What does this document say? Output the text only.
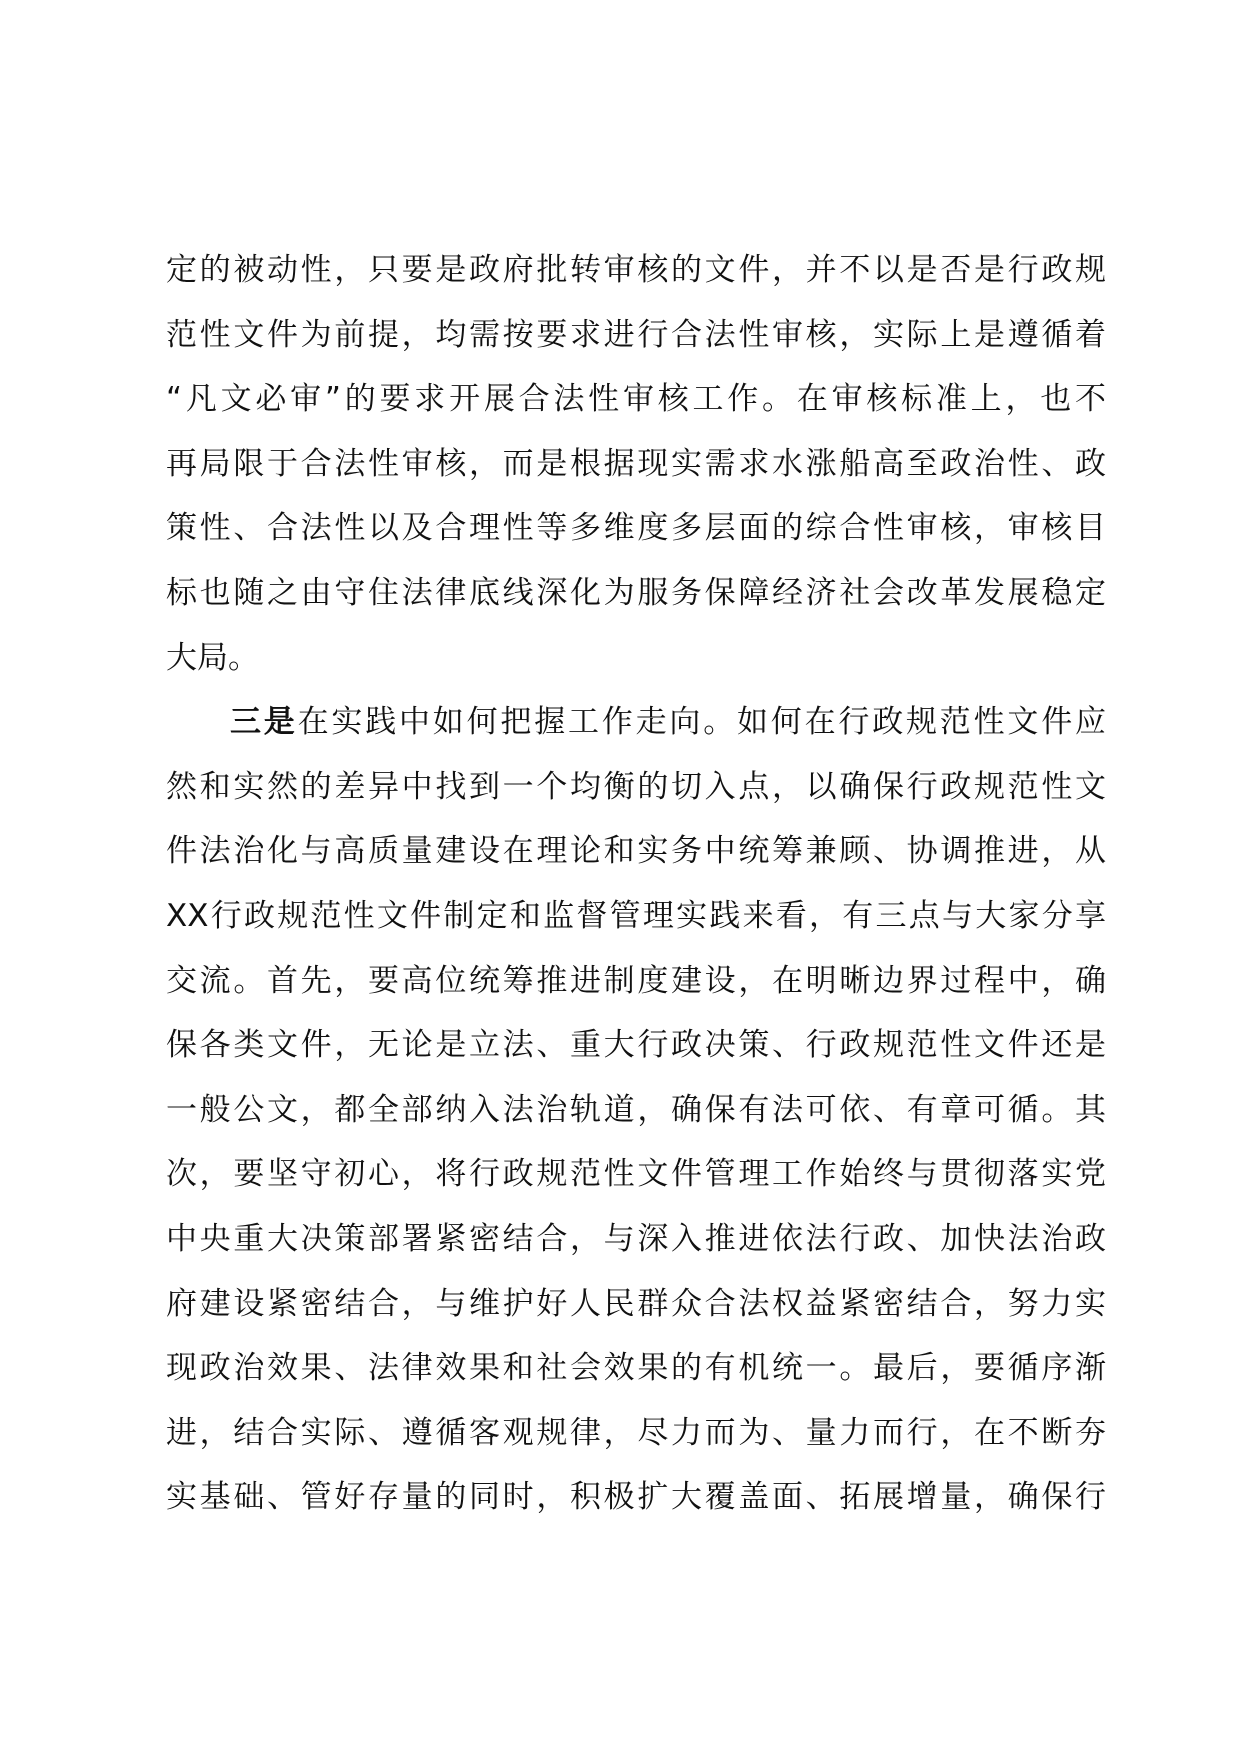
定的被动性，只要是政府批转审核的文件，并不以是否是行政规
范性文件为前提，均需按要求进行合法性审核，实际上是遵循着
“凡文必审”的要求开展合法性审核工作。在审核标准上，也不
再局限于合法性审核，而是根据现实需求水涨船高至政治性、政
策性、合法性以及合理性等多维度多层面的综合性审核，审核目
标也随之由守住法律底线深化为服务保障经济社会改革发展稳定
大局。
三是在实践中如何把握工作走向。如何在行政规范性文件应
然和实然的差异中找到一个均衡的切入点，以确保行政规范性文
件法治化与高质量建设在理论和实务中统筹兼顾、协调推进，从
XX行政规范性文件制定和监督管理实践来看，有三点与大家分享
交流。首先，要高位统筹推进制度建设，在明晰边界过程中，确
保各类文件，无论是立法、重大行政决策、行政规范性文件还是
一般公文，都全部纳入法治轨道，确保有法可依、有章可循。其
次，要坚守初心，将行政规范性文件管理工作始终与贯彻落实党
中央重大决策部署紧密结合，与深入推进依法行政、加快法治政
府建设紧密结合，与维护好人民群众合法权益紧密结合，努力实
现政治效果、法律效果和社会效果的有机统一。最后，要循序渐
进，结合实际、遵循客观规律，尽力而为、量力而行，在不断夯
实基础、管好存量的同时，积极扩大覆盖面、拓展增量，确保行
